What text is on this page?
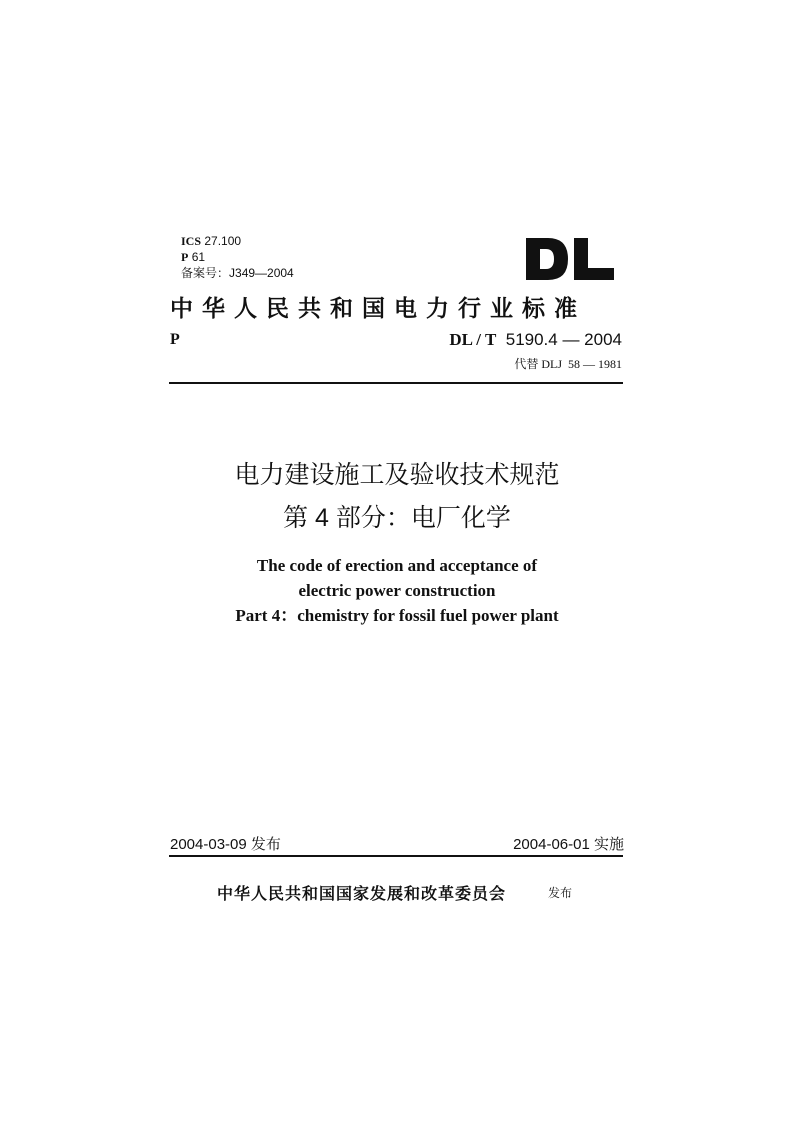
ICS 27.100
P 61
备案号：J349—2004
中华人民共和国电力行业标准
P	DL / T 5190.4 — 2004
代替 DLJ 58 — 1981
电力建设施工及验收技术规范
第 4 部分：电厂化学
The code of erection and acceptance of
electric power construction
Part 4：chemistry for fossil fuel power plant
2004-03-09 发布	2004-06-01 实施
中华人民共和国国家发展和改革委员会	发布
